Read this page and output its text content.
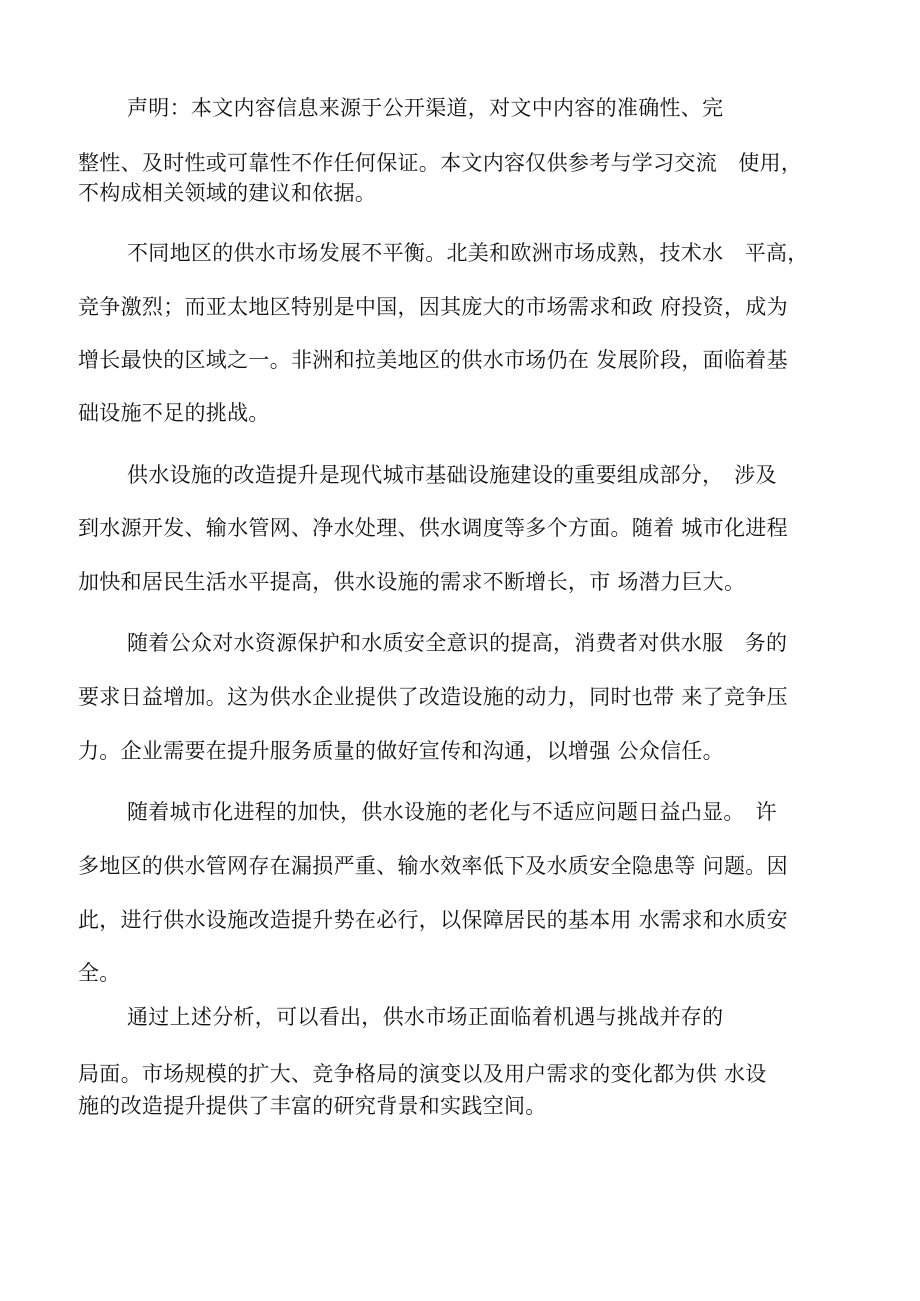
声明：本文内容信息来源于公开渠道，对文中内容的准确性、完
整性、及时性或可靠性不作任何保证。本文内容仅供参考与学习交流　使用，
不构成相关领域的建议和依据。
不同地区的供水市场发展不平衡。北美和欧洲市场成熟，技术水　平高，
竞争激烈；而亚太地区特别是中国，因其庞大的市场需求和政 府投资，成为
增长最快的区域之一。非洲和拉美地区的供水市场仍在 发展阶段，面临着基
础设施不足的挑战。
供水设施的改造提升是现代城市基础设施建设的重要组成部分，　涉及
到水源开发、输水管网、净水处理、供水调度等多个方面。随着 城市化进程
加快和居民生活水平提高，供水设施的需求不断增长，市 场潜力巨大。
随着公众对水资源保护和水质安全意识的提高，消费者对供水服　务的
要求日益增加。这为供水企业提供了改造设施的动力，同时也带 来了竞争压
力。企业需要在提升服务质量的做好宣传和沟通，以增强 公众信任。
随着城市化进程的加快，供水设施的老化与不适应问题日益凸显。　许
多地区的供水管网存在漏损严重、输水效率低下及水质安全隐患等 问题。因
此，进行供水设施改造提升势在必行，以保障居民的基本用 水需求和水质安
全。
通过上述分析，可以看出，供水市场正面临着机遇与挑战并存的
局面。市场规模的扩大、竞争格局的演变以及用户需求的变化都为供 水设
施的改造提升提供了丰富的研究背景和实践空间。
